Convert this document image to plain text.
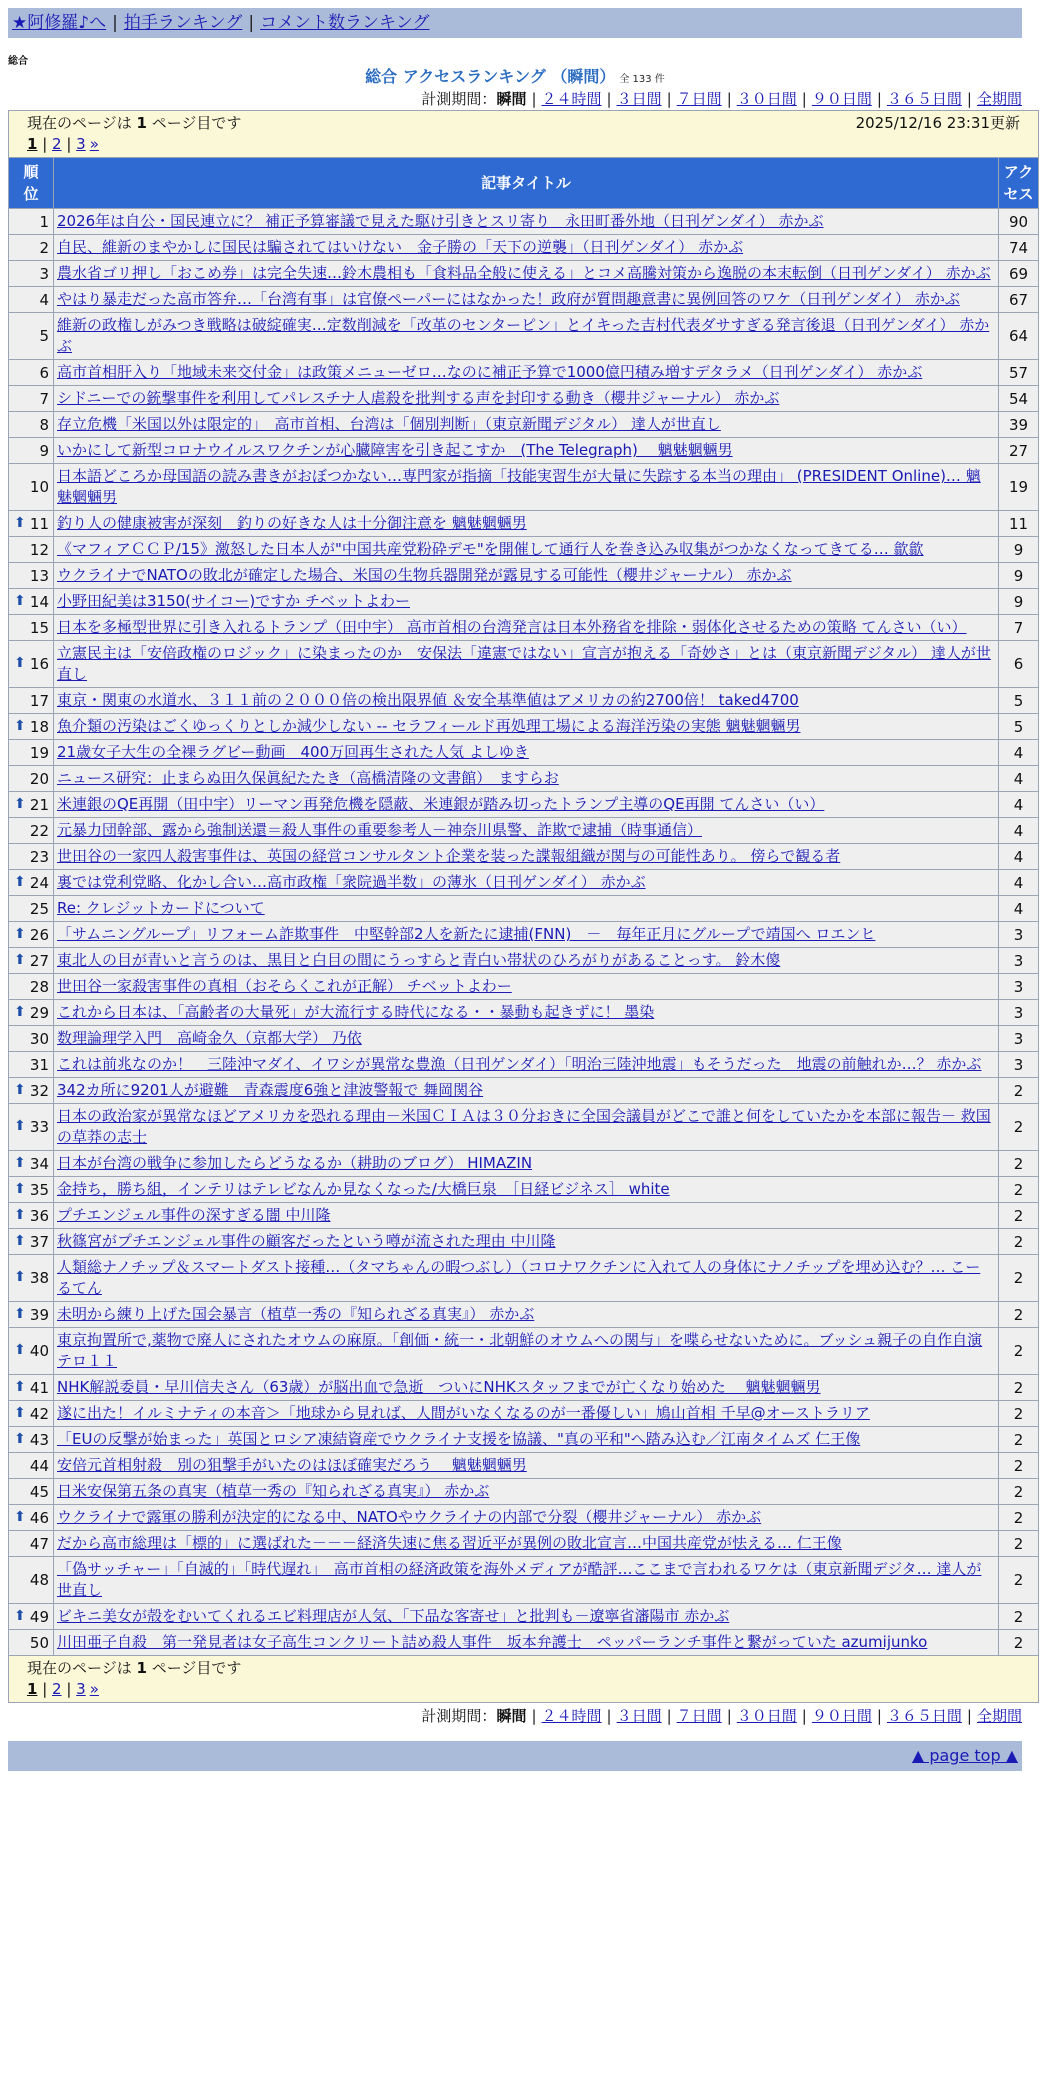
★阿修羅♪へ | 拍手ランキング | コメント数ランキング
総合
総合 アクセスランキング （瞬間） 全 133 件
計測期間：瞬間 | ２４時間 | ３日間 | ７日間 | ３０日間 | ９０日間 | ３６５日間 | 全期間
現在のページは 1 ページ目です 2025/12/16 23:31更新
1 | 2 | 3 »		

順位	記事タイトル	アクセス
1	2026年は自公・国民連立に？ 補正予算審議で見えた駆け引きとスリ寄り　永田町番外地（日刊ゲンダイ） 赤かぶ	90
2	自民、維新のまやかしに国民は騙されてはいけない　金子勝の「天下の逆襲」（日刊ゲンダイ） 赤かぶ	74
3	農水省ゴリ押し「おこめ券」は完全失速…鈴木農相も「食料品全般に使える」とコメ高騰対策から逸脱の本末転倒（日刊ゲンダイ） 赤かぶ	69
4	やはり暴走だった高市答弁…「台湾有事」は官僚ペーパーにはなかった！政府が質問趣意書に異例回答のワケ（日刊ゲンダイ） 赤かぶ	67
5	維新の政権しがみつき戦略は破綻確実…定数削減を「改革のセンターピン」とイキった吉村代表ダサすぎる発言後退（日刊ゲンダイ） 赤かぶ	64
6	高市首相肝入り「地域未来交付金」は政策メニューゼロ…なのに補正予算で1000億円積み増すデタラメ（日刊ゲンダイ） 赤かぶ	57
7	シドニーでの銃撃事件を利用してパレスチナ人虐殺を批判する声を封印する動き（櫻井ジャーナル） 赤かぶ	54
8	存立危機「米国以外は限定的」　高市首相、台湾は「個別判断」（東京新聞デジタル） 達人が世直し	39
9	いかにして新型コロナウイルスワクチンが心臓障害を引き起こすか　(The Telegraph)　 魑魅魍魎男	27
10	日本語どころか母国語の読み書きがおぼつかない…専門家が指摘「技能実習生が大量に失踪する本当の理由」 (PRESIDENT Online)… 魑魅魍魎男	19

⬆ 11	釣り人の健康被害が深刻　釣りの好きな人は十分御注意を 魑魅魍魎男	11
12	《マフィアＣＣＰ/15》激怒した日本人が"中国共産党粉砕デモ"を開催して通行人を巻き込み収集がつかなくなってきてる… 歙歙	9
13	ウクライナでNATOの敗北が確定した場合、米国の生物兵器開発が露見する可能性（櫻井ジャーナル） 赤かぶ	9

⬆ 14	小野田紀美は3150(サイコー)ですか チベットよわー	9
15	日本を多極型世界に引き入れるトランプ（田中宇） 高市首相の台湾発言は日本外務省を排除・弱体化させるための策略 てんさい（い）	7

⬆ 16	立憲民主は「安倍政権のロジック」に染まったのか　安保法「違憲ではない」宣言が抱える「奇妙さ」とは（東京新聞デジタル） 達人が世直し	6
17	東京・関東の水道水、３１１前の２０００倍の検出限界値 ＆安全基準値はアメリカの約2700倍！ taked4700	5

⬆ 18	魚介類の汚染はごくゆっくりとしか減少しない -- セラフィールド再処理工場による海洋汚染の実態 魑魅魍魎男	5
19	21歳女子大生の全裸ラグビー動画　400万回再生された人気 よしゆき	4
20	ニュース研究：止まらぬ田久保眞紀たたき（高橋清隆の文書館）　ますらお	4

⬆ 21	米連銀のQE再開（田中宇）リーマン再発危機を隠蔽、米連銀が踏み切ったトランプ主導のQE再開 てんさい（い）	4
22	元暴力団幹部、露から強制送還＝殺人事件の重要参考人－神奈川県警、詐欺で逮捕（時事通信）	4
23	世田谷の一家四人殺害事件は、英国の経営コンサルタント企業を装った諜報組織が関与の可能性あり。 傍らで観る者	4

⬆ 24	裏では党利党略、化かし合い…高市政権「衆院過半数」の薄氷（日刊ゲンダイ） 赤かぶ	4
25	Re: クレジットカードについて	4

⬆ 26	「サムニングループ」リフォーム詐欺事件　中堅幹部2人を新たに逮捕(FNN)　－　毎年正月にグループで靖国へ ロエンヒ	3

⬆ 27	東北人の目が青いと言うのは、黒目と白目の間にうっすらと青白い帯状のひろがりがあることっす。 鈴木傻	3
28	世田谷一家殺害事件の真相（おそらくこれが正解） チベットよわー	3

⬆ 29	これから日本は、「高齢者の大量死」が大流行する時代になる・・暴動も起きずに！ 墨染	3
30	数理論理学入門　高崎金久（京都大学） 乃依	3
31	これは前兆なのか！　三陸沖マダイ、イワシが異常な豊漁（日刊ゲンダイ）「明治三陸沖地震」もそうだった　地震の前触れか…？ 赤かぶ	3

⬆ 32	342カ所に9201人が避難　青森震度6強と津波警報で 舞岡関谷	2

⬆ 33	日本の政治家が異常なほどアメリカを恐れる理由－米国ＣＩＡは３０分おきに全国会議員がどこで誰と何をしていたかを本部に報告－ 救国の草莽の志士	2

⬆ 34	日本が台湾の戦争に参加したらどうなるか（耕助のブログ） HIMAZIN	2

⬆ 35	金持ち，勝ち組，インテリはテレビなんか見なくなった/大橋巨泉　［日経ビジネス］ white	2

⬆ 36	プチエンジェル事件の深すぎる闇 中川隆	2

⬆ 37	秋篠宮がプチエンジェル事件の顧客だったという噂が流された理由 中川隆	2

⬆ 38	人類総ナノチップ＆スマートダスト接種…（タマちゃんの暇つぶし）（コロナワクチンに入れて人の身体にナノチップを埋め込む？… こーるてん	2

⬆ 39	未明から練り上げた国会暴言（植草一秀の『知られざる真実』） 赤かぶ	2

⬆ 40	東京拘置所で,薬物で廃人にされたオウムの麻原。「創価・統一・北朝鮮のオウムへの関与」を喋らせないために。ブッシュ親子の自作自演テロ１１	2

⬆ 41	NHK解説委員・早川信夫さん（63歳）が脳出血で急逝　ついにNHKスタッフまでが亡くなり始めた　 魑魅魍魎男	2

⬆ 42	遂に出た！イルミナティの本音＞「地球から見れば、人間がいなくなるのが一番優しい」鳩山首相 千早@オーストラリア	2

⬆ 43	「EUの反撃が始まった」英国とロシア凍結資産でウクライナ支援を協議、"真の平和"へ踏み込む／江南タイムズ 仁王像	2
44	安倍元首相射殺　別の狙撃手がいたのはほぼ確実だろう　 魑魅魍魎男	2
45	日米安保第五条の真実（植草一秀の『知られざる真実』） 赤かぶ	2

⬆ 46	ウクライナで露軍の勝利が決定的になる中、NATOやウクライナの内部で分裂（櫻井ジャーナル） 赤かぶ	2
47	だから高市総理は「標的」に選ばれた－－－経済失速に焦る習近平が異例の敗北宣言…中国共産党が怯える… 仁王像	2
48	「偽サッチャー」「自滅的」「時代遅れ」　高市首相の経済政策を海外メディアが酷評…ここまで言われるワケは（東京新聞デジタ… 達人が世直し	2

⬆ 49	ビキニ美女が殻をむいてくれるエビ料理店が人気、「下品な客寄せ」と批判も－遼寧省瀋陽市 赤かぶ	2
50	川田亜子自殺　第一発見者は女子高生コンクリート詰め殺人事件　坂本弁護士　ペッパーランチ事件と繋がっていた azumijunko	2

現在のページは 1 ページ目です
1 | 2 | 3 »		
計測期間：瞬間 | ２４時間 | ３日間 | ７日間 | ３０日間 | ９０日間 | ３６５日間 | 全期間
▲ page top ▲
